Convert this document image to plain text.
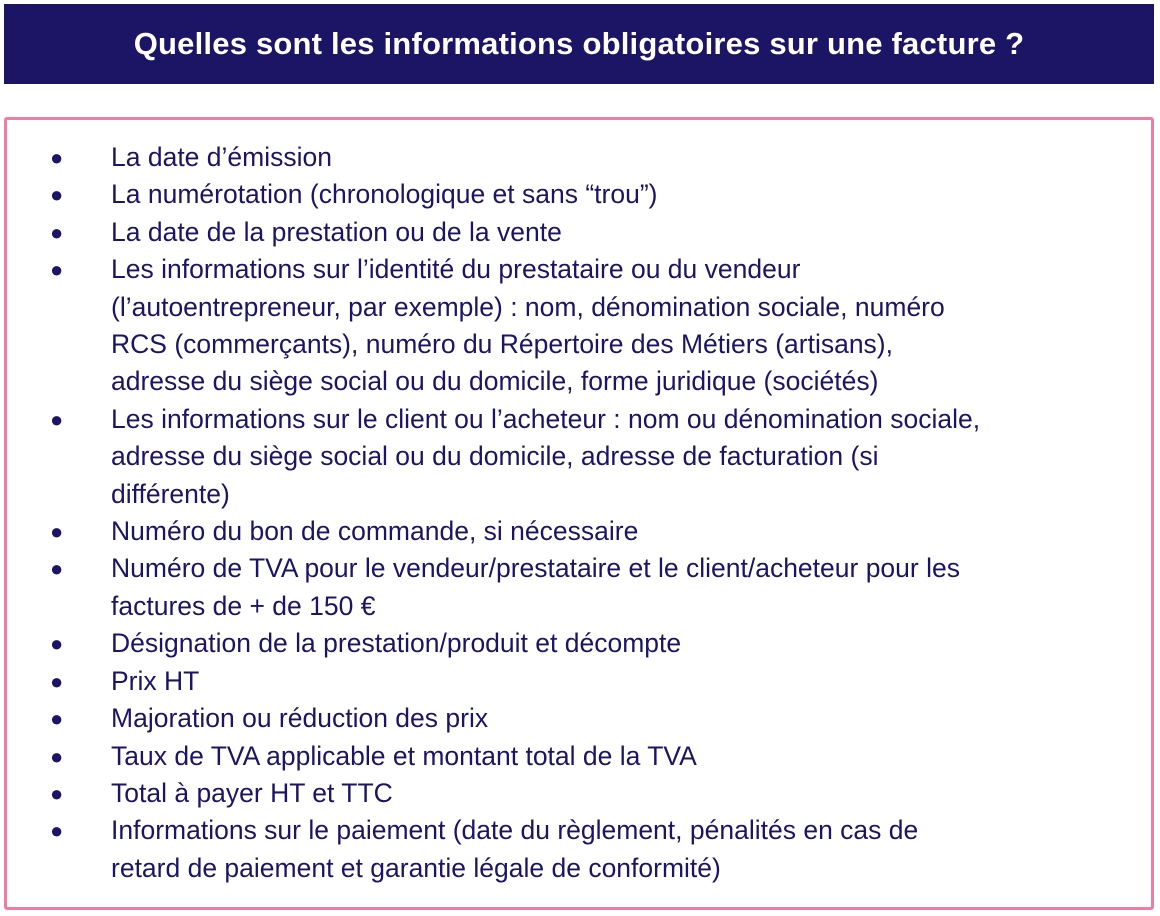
Quelles sont les informations obligatoires sur une facture ?
● La date d’émission
● La numérotation (chronologique et sans “trou”)
● La date de la prestation ou de la vente
● Les informations sur l’identité du prestataire ou du vendeur
(l’autoentrepreneur, par exemple) : nom, dénomination sociale, numéro
RCS (commerçants), numéro du Répertoire des Métiers (artisans),
adresse du siège social ou du domicile, forme juridique (sociétés)
● Les informations sur le client ou l’acheteur : nom ou dénomination sociale,
adresse du siège social ou du domicile, adresse de facturation (si
différente)
● Numéro du bon de commande, si nécessaire
● Numéro de TVA pour le vendeur/prestataire et le client/acheteur pour les
factures de + de 150 €
● Désignation de la prestation/produit et décompte
● Prix HT
● Majoration ou réduction des prix
● Taux de TVA applicable et montant total de la TVA
● Total à payer HT et TTC
● Informations sur le paiement (date du règlement, pénalités en cas de
retard de paiement et garantie légale de conformité)
